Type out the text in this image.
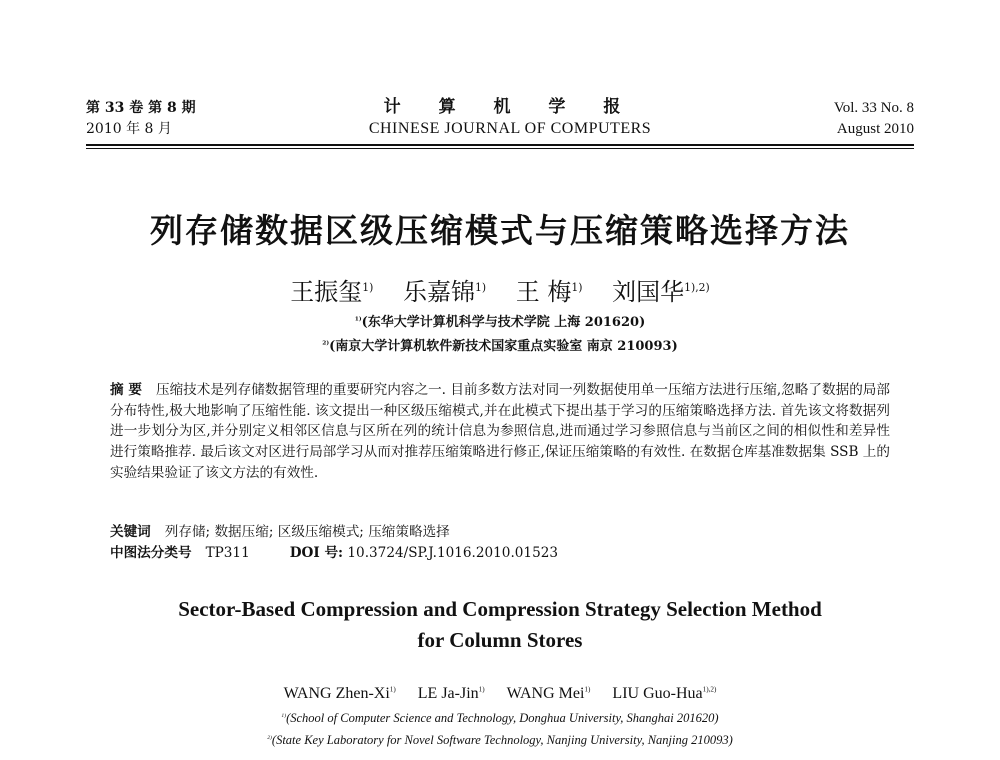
第 33 卷 第 8 期
2010 年 8 月
计 算 机 学 报
CHINESE JOURNAL OF COMPUTERS
Vol. 33 No. 8
August 2010
列存储数据区级压缩模式与压缩策略选择方法
王振玺$^{1)}$ 乐嘉锦$^{1)}$ 王 梅$^{1)}$ 刘国华$^{1),2)}$
$^{1)}$(东华大学计算机科学与技术学院 上海 201620)
$^{2)}$(南京大学计算机软件新技术国家重点实验室 南京 210093)
摘 要 压缩技术是列存储数据管理的重要研究内容之一. 目前多数方法对同一列数据使用单一压缩方法进行压缩,忽略了数据的局部分布特性,极大地影响了压缩性能. 该文提出一种区级压缩模式,并在此模式下提出基于学习的压缩策略选择方法. 首先该文将数据列进一步划分为区,并分别定义相邻区信息与区所在列的统计信息为参照信息,进而通过学习参照信息与当前区之间的相似性和差异性进行策略推荐. 最后该文对区进行局部学习从而对推荐压缩策略进行修正,保证压缩策略的有效性. 在数据仓库基准数据集 SSB 上的实验结果验证了该文方法的有效性.
关键词 列存储; 数据压缩; 区级压缩模式; 压缩策略选择
中图法分类号 TP311	DOI 号: 10.3724/SP.J.1016.2010.01523
Sector-Based Compression and Compression Strategy Selection Method
for Column Stores
WANG Zhen-Xi$^{1)}$ LE Ja-Jin$^{1)}$ WANG Mei$^{1)}$ LIU Guo-Hua$^{1),2)}$
$^{1)}$(School of Computer Science and Technology, Donghua University, Shanghai 201620)
$^{2)}$(State Key Laboratory for Novel Software Technology, Nanjing University, Nanjing 210093)
